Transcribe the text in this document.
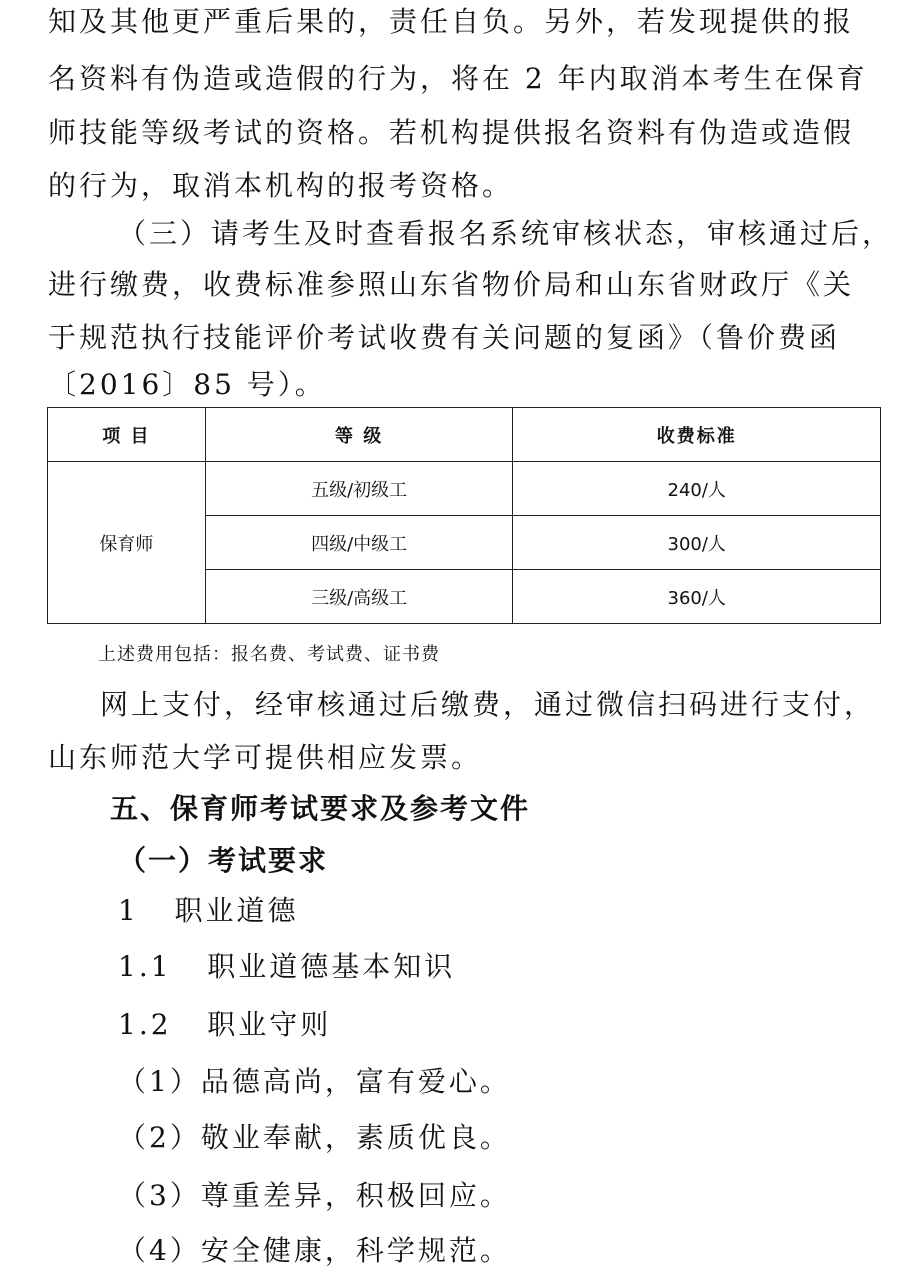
知及其他更严重后果的，责任自负。另外，若发现提供的报
名资料有伪造或造假的行为，将在 2 年内取消本考生在保育
师技能等级考试的资格。若机构提供报名资料有伪造或造假
的行为，取消本机构的报考资格。
（三）请考生及时查看报名系统审核状态，审核通过后，
进行缴费，收费标准参照山东省物价局和山东省财政厅《关
于规范执行技能评价考试收费有关问题的复函》（鲁价费函
〔2016〕85 号）。
项 目	等 级	收费标准
保育师	五级/初级工	240/人
	四级/中级工	300/人
	三级/高级工	360/人
上述费用包括：报名费、考试费、证书费
网上支付，经审核通过后缴费，通过微信扫码进行支付，
山东师范大学可提供相应发票。
五、保育师考试要求及参考文件
（一）考试要求
1   职业道德
1.1   职业道德基本知识
1.2   职业守则
（1）品德高尚，富有爱心。
（2）敬业奉献，素质优良。
（3）尊重差异，积极回应。
（4）安全健康，科学规范。
